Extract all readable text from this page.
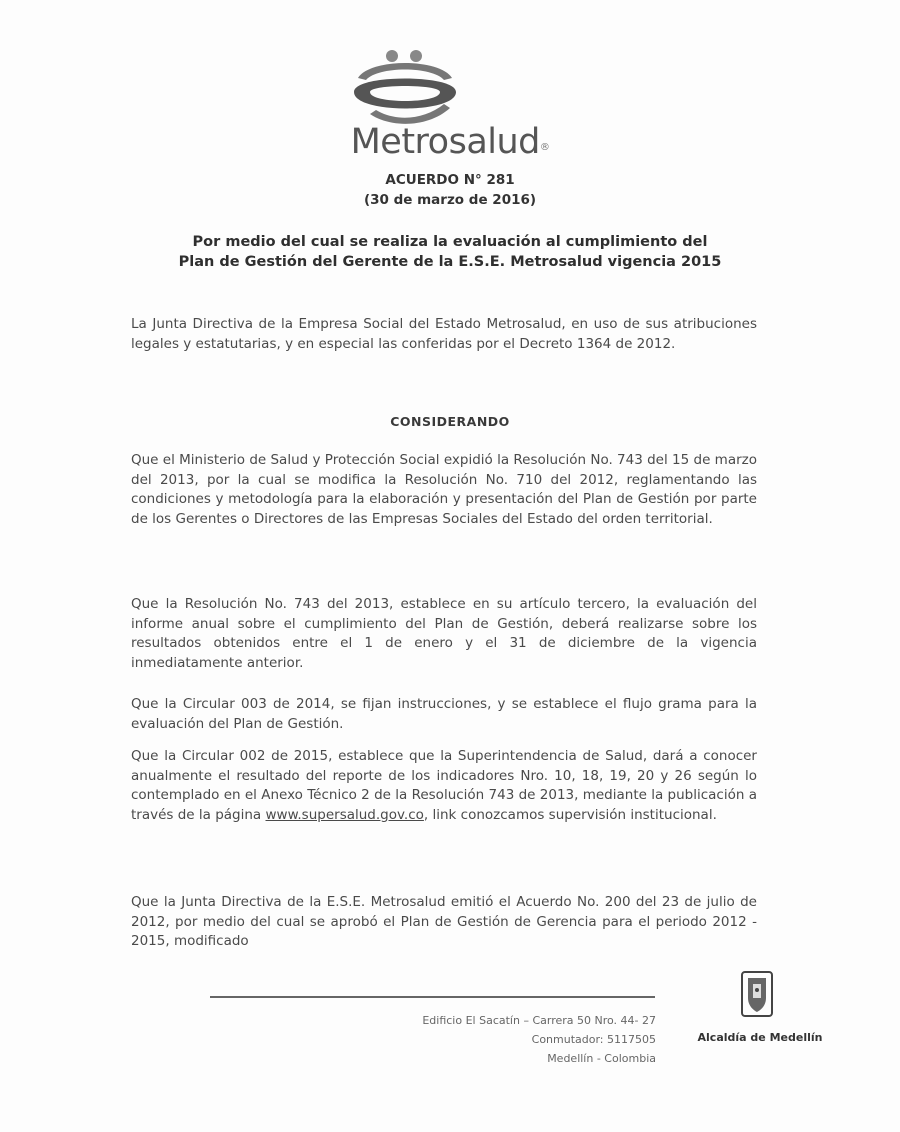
Metrosalud®
ACUERDO N° 281
(30 de marzo de 2016)
Por medio del cual se realiza la evaluación al cumplimiento del
Plan de Gestión del Gerente de la E.S.E. Metrosalud vigencia 2015
La Junta Directiva de la Empresa Social del Estado Metrosalud, en uso de sus atribuciones legales y estatutarias, y en especial las conferidas por el Decreto 1364 de 2012.
CONSIDERANDO
Que el Ministerio de Salud y Protección Social expidió la Resolución No. 743 del 15 de marzo del 2013, por la cual se modifica la Resolución No. 710 del 2012, reglamentando las condiciones y metodología para la elaboración y presentación del Plan de Gestión por parte de los Gerentes o Directores de las Empresas Sociales del Estado del orden territorial.
Que la Resolución No. 743 del 2013, establece en su artículo tercero, la evaluación del informe anual sobre el cumplimiento del Plan de Gestión, deberá realizarse sobre los resultados obtenidos entre el 1 de enero y el 31 de diciembre de la vigencia inmediatamente anterior.
Que la Circular 003 de 2014, se fijan instrucciones, y se establece el flujo grama para la evaluación del Plan de Gestión.
Que la Circular 002 de 2015, establece que la Superintendencia de Salud, dará a conocer anualmente el resultado del reporte de los indicadores Nro. 10, 18, 19, 20 y 26 según lo contemplado en el Anexo Técnico 2 de la Resolución 743 de 2013, mediante la publicación a través de la página www.supersalud.gov.co, link conozcamos supervisión institucional.
Que la Junta Directiva de la E.S.E. Metrosalud emitió el Acuerdo No. 200 del 23 de julio de 2012, por medio del cual se aprobó el Plan de Gestión de Gerencia para el periodo 2012 - 2015, modificado
Edificio El Sacatín – Carrera 50 Nro. 44- 27
Conmutador: 5117505
Medellín - Colombia
Alcaldía de Medellín
